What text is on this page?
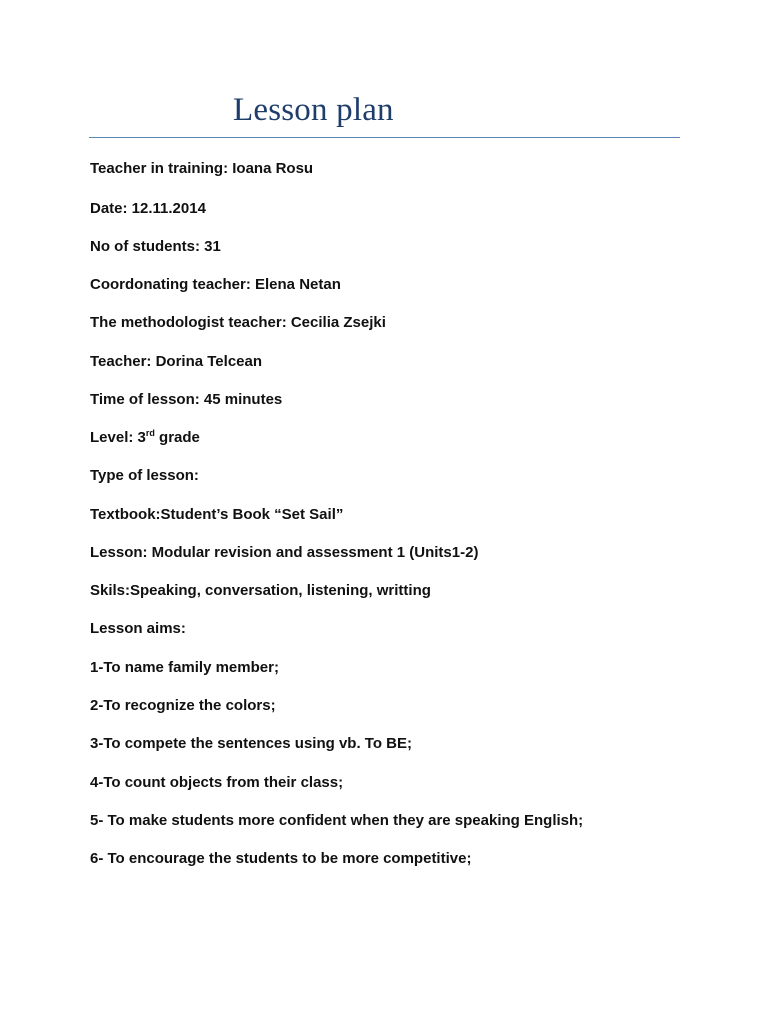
Lesson plan
Teacher in training: Ioana Rosu
Date: 12.11.2014
No of students: 31
Coordonating teacher: Elena Netan
The methodologist teacher: Cecilia Zsejki
Teacher: Dorina Telcean
Time of lesson: 45 minutes
Level: 3rd grade
Type of lesson:
Textbook:Student’s Book “Set Sail”
Lesson: Modular revision and assessment 1 (Units1-2)
Skils:Speaking, conversation, listening, writting
Lesson aims:
1-To name family member;
2-To recognize the colors;
3-To compete the sentences using vb. To BE;
4-To count objects from their class;
5- To make students more confident when they are speaking English;
6- To encourage the students to be more competitive;
